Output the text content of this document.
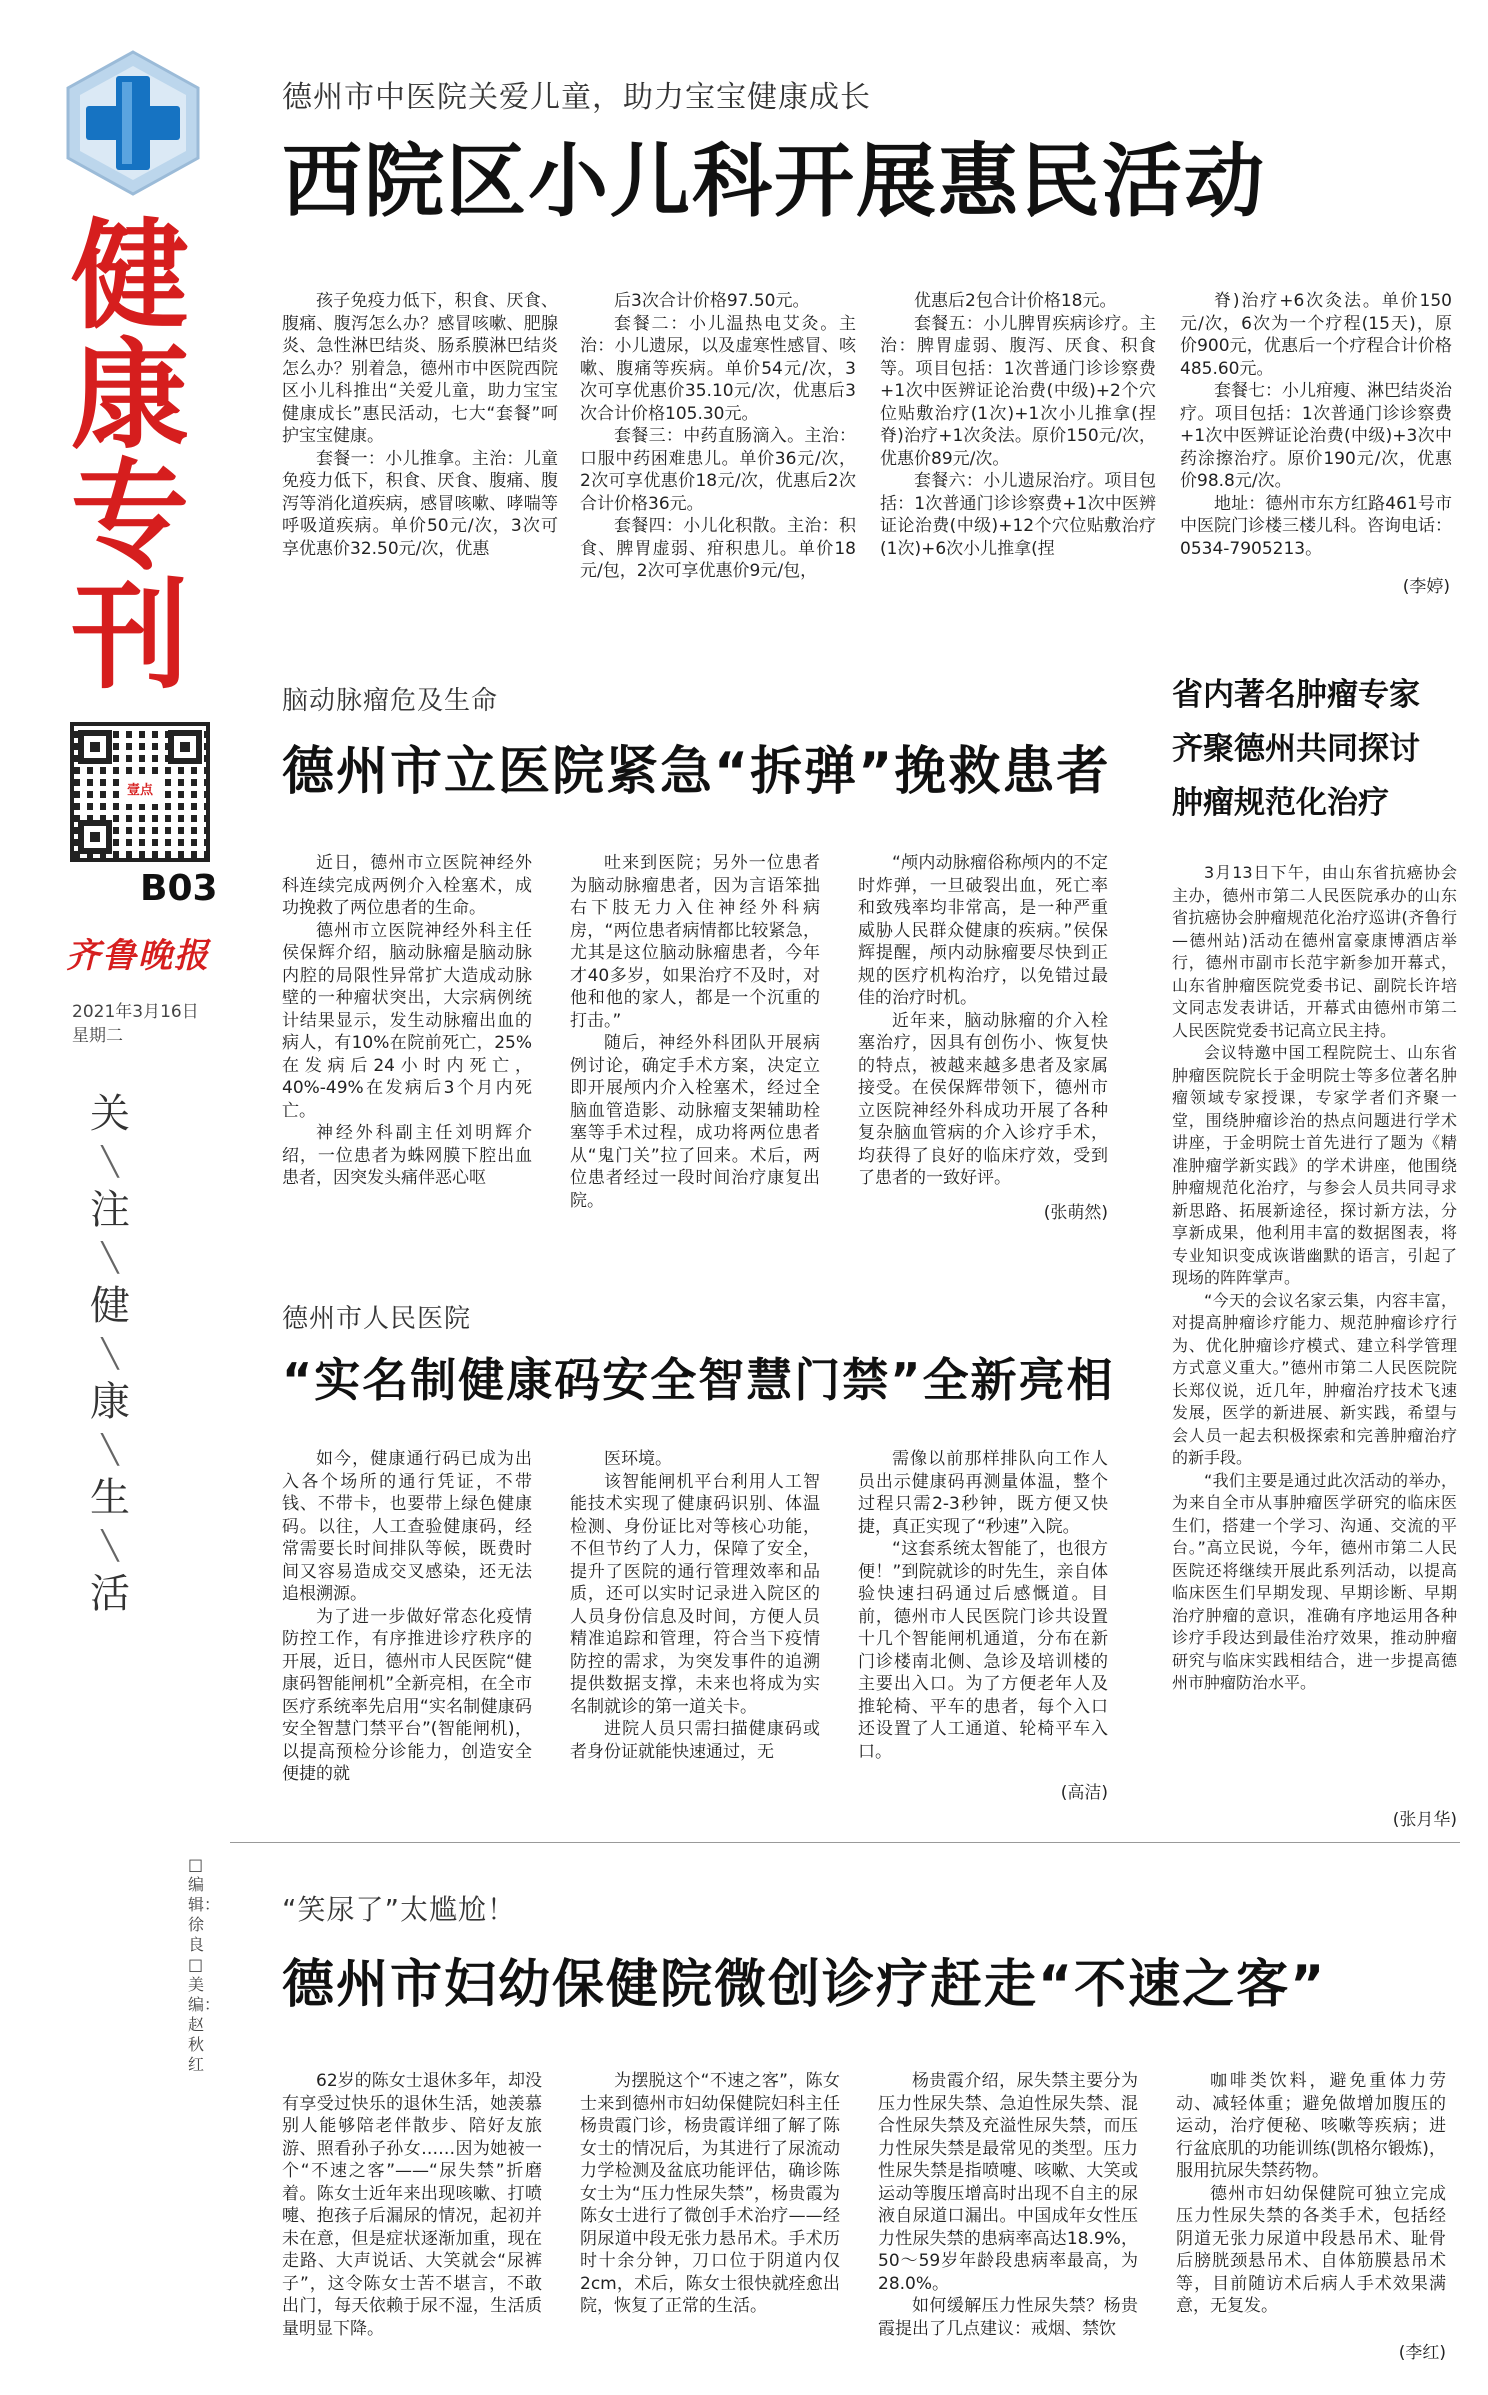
健
康
专
刊
壹点
B03
齐鲁晚报
2021年3月16日
星期二
关
╲
注
╲
健
╲
康
╲
生
╲
活
□编辑：徐良 □美编：赵秋红
德州市中医院关爱儿童，助力宝宝健康成长
西院区小儿科开展惠民活动

孩子免疫力低下，积食、厌食、腹痛、腹泻怎么办？感冒咳嗽、肥腺炎、急性淋巴结炎、肠系膜淋巴结炎怎么办？别着急，德州市中医院西院区小儿科推出“关爱儿童，助力宝宝健康成长”惠民活动，七大“套餐”呵护宝宝健康。

套餐一：小儿推拿。主治：儿童免疫力低下，积食、厌食、腹痛、腹泻等消化道疾病，感冒咳嗽、哮喘等呼吸道疾病。单价50元/次，3次可享优惠价32.50元/次，优惠

后3次合计价格97.50元。

套餐二：小儿温热电艾灸。主治：小儿遗尿，以及虚寒性感冒、咳嗽、腹痛等疾病。单价54元/次，3次可享优惠价35.10元/次，优惠后3次合计价格105.30元。

套餐三：中药直肠滴入。主治：口服中药困难患儿。单价36元/次，2次可享优惠价18元/次，优惠后2次合计价格36元。

套餐四：小儿化积散。主治：积食、脾胃虚弱、疳积患儿。单价18元/包，2次可享优惠价9元/包，

优惠后2包合计价格18元。

套餐五：小儿脾胃疾病诊疗。主治：脾胃虚弱、腹泻、厌食、积食等。项目包括：1次普通门诊诊察费+1次中医辨证论治费(中级)+2个穴位贴敷治疗(1次)+1次小儿推拿(捏脊)治疗+1次灸法。原价150元/次，优惠价89元/次。

套餐六：小儿遗尿治疗。项目包括：1次普通门诊诊察费+1次中医辨证论治费(中级)+12个穴位贴敷治疗(1次)+6次小儿推拿(捏

脊)治疗+6次灸法。单价150元/次，6次为一个疗程(15天)，原价900元，优惠后一个疗程合计价格485.60元。

套餐七：小儿疳瘦、淋巴结炎治疗。项目包括：1次普通门诊诊察费+1次中医辨证论治费(中级)+3次中药涂擦治疗。原价190元/次，优惠价98.8元/次。

地址：德州市东方红路461号市中医院门诊楼三楼儿科。咨询电话：0534-7905213。

(李婷)
脑动脉瘤危及生命
德州市立医院紧急“拆弹”挽救患者

近日，德州市立医院神经外科连续完成两例介入栓塞术，成功挽救了两位患者的生命。

德州市立医院神经外科主任侯保辉介绍，脑动脉瘤是脑动脉内腔的局限性异常扩大造成动脉壁的一种瘤状突出，大宗病例统计结果显示，发生动脉瘤出血的病人，有10%在院前死亡，25%在发病后24小时内死亡，40%-49%在发病后3个月内死亡。

神经外科副主任刘明辉介绍，一位患者为蛛网膜下腔出血患者，因突发头痛伴恶心呕

吐来到医院；另外一位患者为脑动脉瘤患者，因为言语笨拙右下肢无力入住神经外科病房，“两位患者病情都比较紧急，尤其是这位脑动脉瘤患者，今年才40多岁，如果治疗不及时，对他和他的家人，都是一个沉重的打击。”

随后，神经外科团队开展病例讨论，确定手术方案，决定立即开展颅内介入栓塞术，经过全脑血管造影、动脉瘤支架辅助栓塞等手术过程，成功将两位患者从“鬼门关”拉了回来。术后，两位患者经过一段时间治疗康复出院。

“颅内动脉瘤俗称颅内的不定时炸弹，一旦破裂出血，死亡率和致残率均非常高，是一种严重威胁人民群众健康的疾病。”侯保辉提醒，颅内动脉瘤要尽快到正规的医疗机构治疗，以免错过最佳的治疗时机。

近年来，脑动脉瘤的介入栓塞治疗，因具有创伤小、恢复快的特点，被越来越多患者及家属接受。在侯保辉带领下，德州市立医院神经外科成功开展了各种复杂脑血管病的介入诊疗手术，均获得了良好的临床疗效，受到了患者的一致好评。

(张萌然)
德州市人民医院
“实名制健康码安全智慧门禁”全新亮相

如今，健康通行码已成为出入各个场所的通行凭证，不带钱、不带卡，也要带上绿色健康码。以往，人工查验健康码，经常需要长时间排队等候，既费时间又容易造成交叉感染，还无法追根溯源。

为了进一步做好常态化疫情防控工作，有序推进诊疗秩序的开展，近日，德州市人民医院“健康码智能闸机”全新亮相，在全市医疗系统率先启用“实名制健康码安全智慧门禁平台”(智能闸机)，以提高预检分诊能力，创造安全便捷的就

医环境。

该智能闸机平台利用人工智能技术实现了健康码识别、体温检测、身份证比对等核心功能，不但节约了人力，保障了安全，提升了医院的通行管理效率和品质，还可以实时记录进入院区的人员身份信息及时间，方便人员精准追踪和管理，符合当下疫情防控的需求，为突发事件的追溯提供数据支撑，未来也将成为实名制就诊的第一道关卡。

进院人员只需扫描健康码或者身份证就能快速通过，无

需像以前那样排队向工作人员出示健康码再测量体温，整个过程只需2-3秒钟，既方便又快捷，真正实现了“秒速”入院。

“这套系统太智能了，也很方便！”到院就诊的时先生，亲自体验快速扫码通过后感慨道。目前，德州市人民医院门诊共设置十几个智能闸机通道，分布在新门诊楼南北侧、急诊及培训楼的主要出入口。为了方便老年人及推轮椅、平车的患者，每个入口还设置了人工通道、轮椅平车入口。

(高洁)
省内著名肿瘤专家
齐聚德州共同探讨
肿瘤规范化治疗

3月13日下午，由山东省抗癌协会主办，德州市第二人民医院承办的山东省抗癌协会肿瘤规范化治疗巡讲(齐鲁行—德州站)活动在德州富豪康博酒店举行，德州市副市长范宇新参加开幕式，山东省肿瘤医院党委书记、副院长许培文同志发表讲话，开幕式由德州市第二人民医院党委书记高立民主持。

会议特邀中国工程院院士、山东省肿瘤医院院长于金明院士等多位著名肿瘤领域专家授课，专家学者们齐聚一堂，围绕肿瘤诊治的热点问题进行学术讲座，于金明院士首先进行了题为《精准肿瘤学新实践》的学术讲座，他围绕肿瘤规范化治疗，与参会人员共同寻求新思路、拓展新途径，探讨新方法，分享新成果，他利用丰富的数据图表，将专业知识变成诙谐幽默的语言，引起了现场的阵阵掌声。

“今天的会议名家云集，内容丰富，对提高肿瘤诊疗能力、规范肿瘤诊疗行为、优化肿瘤诊疗模式、建立科学管理方式意义重大。”德州市第二人民医院院长郑仪说，近几年，肿瘤治疗技术飞速发展，医学的新进展、新实践，希望与会人员一起去积极探索和完善肿瘤治疗的新手段。

“我们主要是通过此次活动的举办，为来自全市从事肿瘤医学研究的临床医生们，搭建一个学习、沟通、交流的平台。”高立民说，今年，德州市第二人民医院还将继续开展此系列活动，以提高临床医生们早期发现、早期诊断、早期治疗肿瘤的意识，准确有序地运用各种诊疗手段达到最佳治疗效果，推动肿瘤研究与临床实践相结合，进一步提高德州市肿瘤防治水平。

(张月华)
“笑尿了”太尴尬！
德州市妇幼保健院微创诊疗赶走“不速之客”

62岁的陈女士退休多年，却没有享受过快乐的退休生活，她羡慕别人能够陪老伴散步、陪好友旅游、照看孙子孙女……因为她被一个“不速之客”——“尿失禁”折磨着。陈女士近年来出现咳嗽、打喷嚏、抱孩子后漏尿的情况，起初并未在意，但是症状逐渐加重，现在走路、大声说话、大笑就会“尿裤子”，这令陈女士苦不堪言，不敢出门，每天依赖于尿不湿，生活质量明显下降。

为摆脱这个“不速之客”，陈女士来到德州市妇幼保健院妇科主任杨贵霞门诊，杨贵霞详细了解了陈女士的情况后，为其进行了尿流动力学检测及盆底功能评估，确诊陈女士为“压力性尿失禁”，杨贵霞为陈女士进行了微创手术治疗——经阴尿道中段无张力悬吊术。手术历时十余分钟，刀口位于阴道内仅2cm，术后，陈女士很快就痊愈出院，恢复了正常的生活。

杨贵霞介绍，尿失禁主要分为压力性尿失禁、急迫性尿失禁、混合性尿失禁及充溢性尿失禁，而压力性尿失禁是最常见的类型。压力性尿失禁是指喷嚏、咳嗽、大笑或运动等腹压增高时出现不自主的尿液自尿道口漏出。中国成年女性压力性尿失禁的患病率高达18.9%，50～59岁年龄段患病率最高，为28.0%。

如何缓解压力性尿失禁？杨贵霞提出了几点建议：戒烟、禁饮

咖啡类饮料，避免重体力劳动、减轻体重；避免做增加腹压的运动，治疗便秘、咳嗽等疾病；进行盆底肌的功能训练(凯格尔锻炼)，服用抗尿失禁药物。

德州市妇幼保健院可独立完成压力性尿失禁的各类手术，包括经阴道无张力尿道中段悬吊术、耻骨后膀胱颈悬吊术、自体筋膜悬吊术等，目前随访术后病人手术效果满意，无复发。

(李红)
